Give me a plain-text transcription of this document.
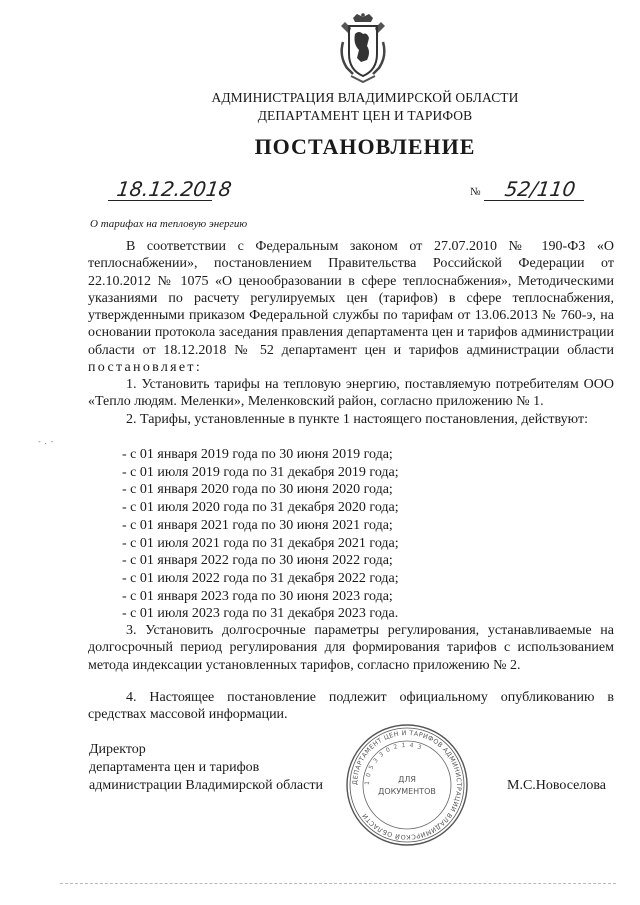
АДМИНИСТРАЦИЯ ВЛАДИМИРСКОЙ ОБЛАСТИ
ДЕПАРТАМЕНТ ЦЕН И ТАРИФОВ
ПОСТАНОВЛЕНИЕ
18.12.2018	№ 52/110
О тарифах на тепловую энергию
В соответствии с Федеральным законом от 27.07.2010 № 190-ФЗ «О теплоснабжении», постановлением Правительства Российской Федерации от 22.10.2012 № 1075 «О ценообразовании в сфере теплоснабжения», Методическими указаниями по расчету регулируемых цен (тарифов) в сфере теплоснабжения, утвержденными приказом Федеральной службы по тарифам от 13.06.2013 № 760-э, на основании протокола заседания правления департамента цен и тарифов администрации области от 18.12.2018 № 52 департамент цен и тарифов администрации области постановляет:
1. Установить тарифы на тепловую энергию, поставляемую потребителям ООО «Тепло людям. Меленки», Меленковский район, согласно приложению № 1.
2. Тарифы, установленные в пункте 1 настоящего постановления, действуют:
- с 01 января 2019 года по 30 июня 2019 года;
- с 01 июля 2019 года по 31 декабря 2019 года;
- с 01 января 2020 года по 30 июня 2020 года;
- с 01 июля 2020 года по 31 декабря 2020 года;
- с 01 января 2021 года по 30 июня 2021 года;
- с 01 июля 2021 года по 31 декабря 2021 года;
- с 01 января 2022 года по 30 июня 2022 года;
- с 01 июля 2022 года по 31 декабря 2022 года;
- с 01 января 2023 года по 30 июня 2023 года;
- с 01 июля 2023 года по 31 декабря 2023 года.
3. Установить долгосрочные параметры регулирования, устанавливаемые на долгосрочный период регулирования для формирования тарифов с использованием метода индексации установленных тарифов, согласно приложению № 2.
4. Настоящее постановление подлежит официальному опубликованию в средствах массовой информации.
Директор
департамента цен и тарифов
администрации Владимирской области	М.С.Новоселова
ДЕПАРТАМЕНТ ЦЕН И ТАРИФОВ АДМИНИСТРАЦИИ ВЛАДИМИРСКОЙ ОБЛАСТИ
1 0 5 3 3 0 2 1 4 3
ДЛЯ
ДОКУМЕНТОВ
- . -
